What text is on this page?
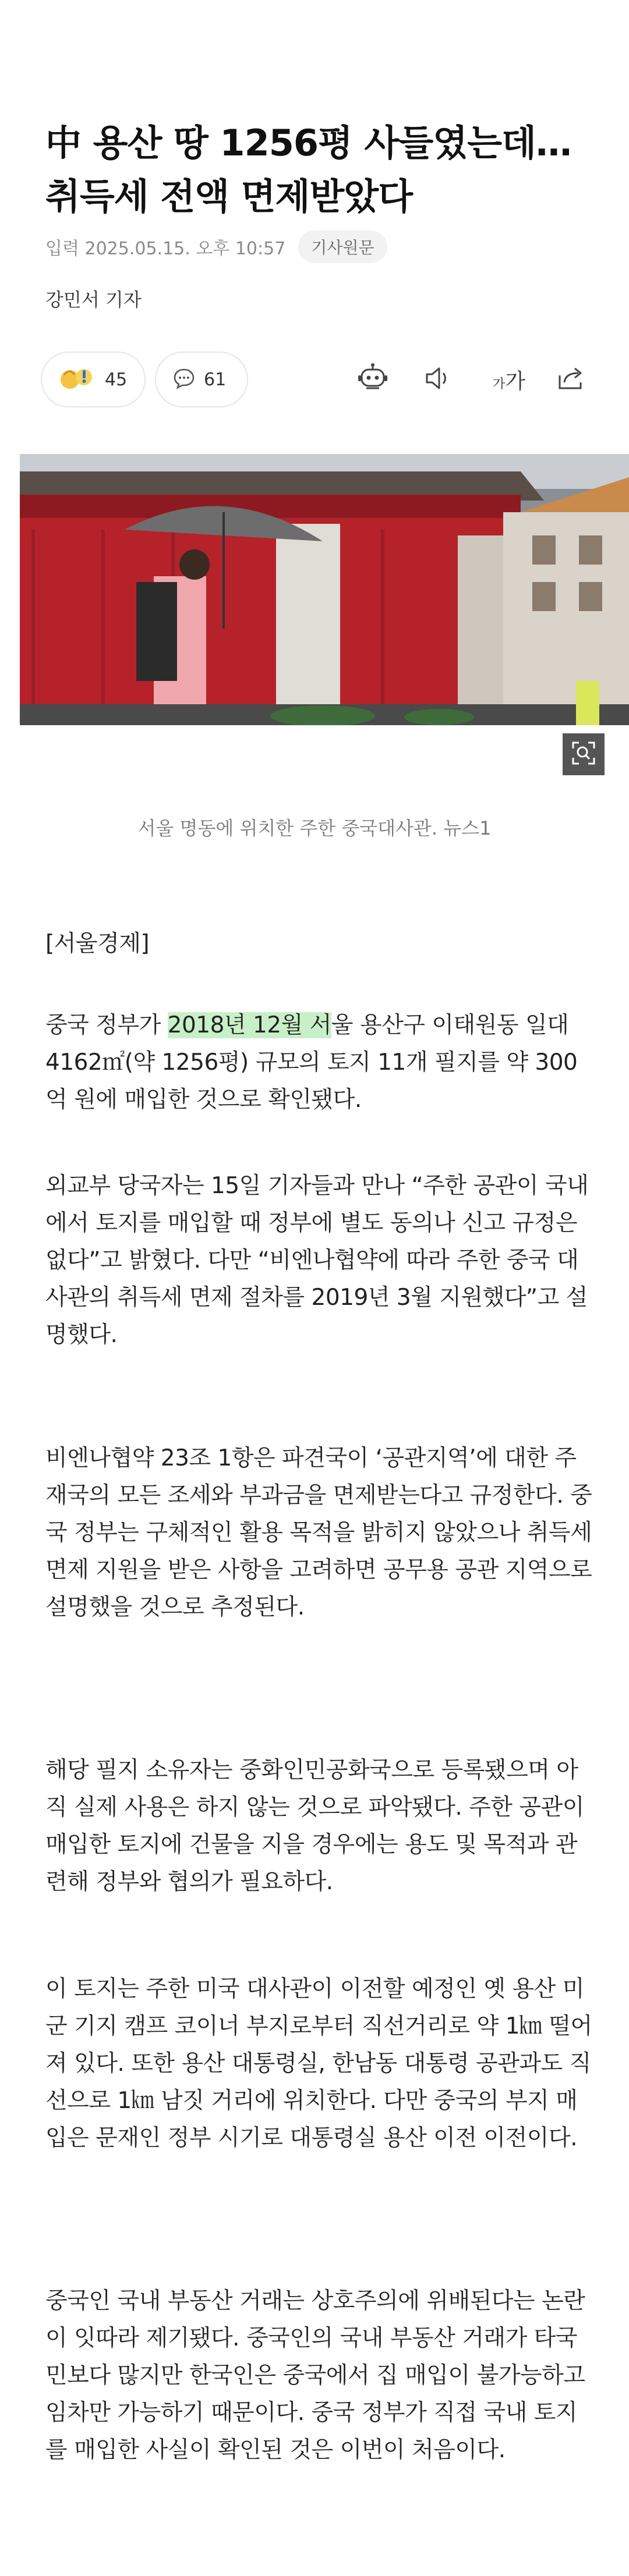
中 용산 땅 1256평 사들였는데…
취득세 전액 면제받았다
입력 2025.05.15. 오후 10:57	기사원문
강민서 기자
45	61	가가
서울 명동에 위치한 주한 중국대사관. 뉴스1
[서울경제]

중국 정부가 2018년 12월 서울 용산구 이태원동 일대 4162㎡(약 1256평) 규모의 토지 11개 필지를 약 300억 원에 매입한 것으로 확인됐다.

외교부 당국자는 15일 기자들과 만나 “주한 공관이 국내에서 토지를 매입할 때 정부에 별도 동의나 신고 규정은 없다”고 밝혔다. 다만 “비엔나협약에 따라 주한 중국 대사관의 취득세 면제 절차를 2019년 3월 지원했다”고 설명했다.

비엔나협약 23조 1항은 파견국이 ‘공관지역’에 대한 주재국의 모든 조세와 부과금을 면제받는다고 규정한다. 중국 정부는 구체적인 활용 목적을 밝히지 않았으나 취득세 면제 지원을 받은 사항을 고려하면 공무용 공관 지역으로 설명했을 것으로 추정된다.

해당 필지 소유자는 중화인민공화국으로 등록됐으며 아직 실제 사용은 하지 않는 것으로 파악됐다. 주한 공관이 매입한 토지에 건물을 지을 경우에는 용도 및 목적과 관련해 정부와 협의가 필요하다.

이 토지는 주한 미국 대사관이 이전할 예정인 옛 용산 미군 기지 캠프 코이너 부지로부터 직선거리로 약 1㎞ 떨어져 있다. 또한 용산 대통령실, 한남동 대통령 공관과도 직선으로 1㎞ 남짓 거리에 위치한다. 다만 중국의 부지 매입은 문재인 정부 시기로 대통령실 용산 이전 이전이다.

중국인 국내 부동산 거래는 상호주의에 위배된다는 논란이 잇따라 제기됐다. 중국인의 국내 부동산 거래가 타국민보다 많지만 한국인은 중국에서 집 매입이 불가능하고 임차만 가능하기 때문이다. 중국 정부가 직접 국내 토지를 매입한 사실이 확인된 것은 이번이 처음이다.
